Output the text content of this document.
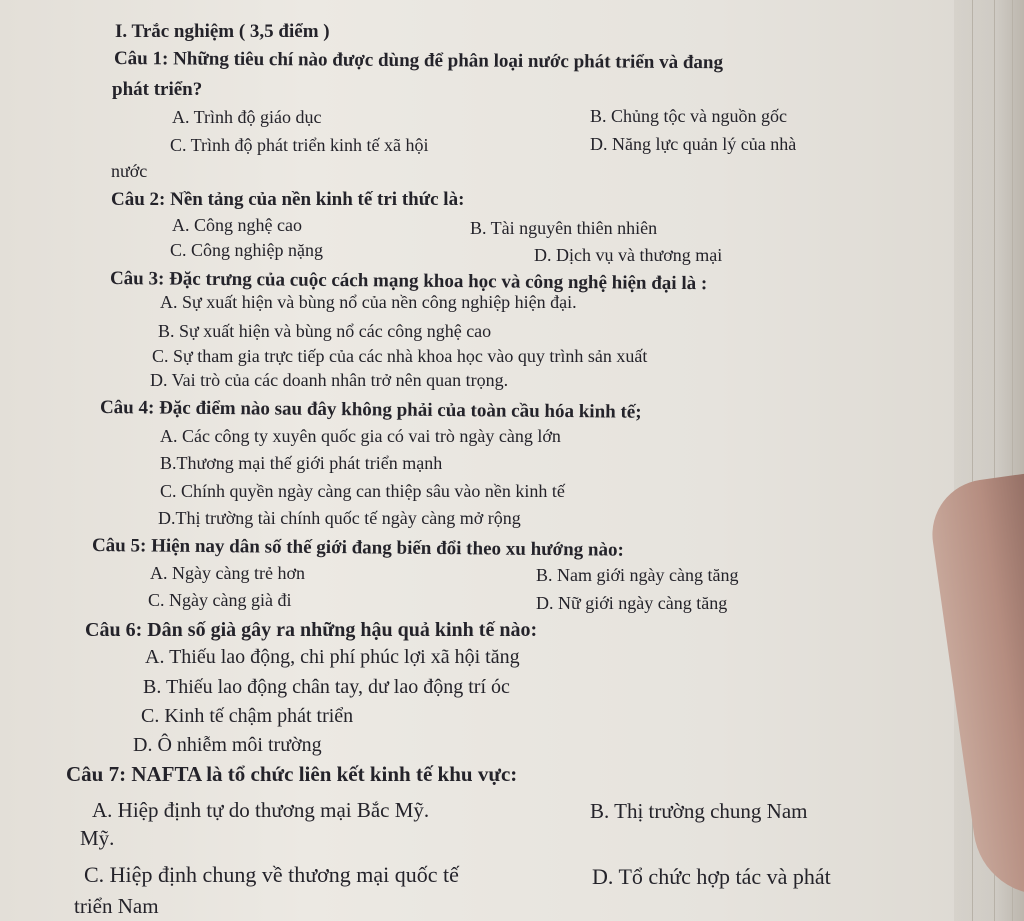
I. Trắc nghiệm ( 3,5 điểm )
Câu 1: Những tiêu chí nào được dùng để phân loại nước phát triển và đang
phát triển?
A. Trình độ giáo dục	B. Chủng tộc và nguồn gốc
C. Trình độ phát triển kinh tế xã hội	D. Năng lực quản lý của nhà
nước
Câu 2: Nền tảng của nền kinh tế tri thức là:
A. Công nghệ cao	B. Tài nguyên thiên nhiên
C. Công nghiệp nặng	D. Dịch vụ và thương mại
Câu 3: Đặc trưng của cuộc cách mạng khoa học và công nghệ hiện đại là :
A. Sự xuất hiện và bùng nổ của nền công nghiệp hiện đại.
B. Sự xuất hiện và bùng nổ các công nghệ cao
C. Sự tham gia trực tiếp của các nhà khoa học vào quy trình sản xuất
D. Vai trò của các doanh nhân trở nên quan trọng.
Câu 4: Đặc điểm nào sau đây không phải của toàn cầu hóa kinh tế;
A. Các công ty xuyên quốc gia có vai trò ngày càng lớn
B.Thương mại thế giới phát triển mạnh
C. Chính quyền ngày càng can thiệp sâu vào nền kinh tế
D.Thị trường tài chính quốc tế ngày càng mở rộng
Câu 5: Hiện nay dân số thế giới đang biến đổi theo xu hướng nào:
A. Ngày càng trẻ hơn	B. Nam giới ngày càng tăng
C. Ngày càng già đi	D. Nữ giới ngày càng tăng
Câu 6: Dân số già gây ra những hậu quả kinh tế nào:
A. Thiếu lao động, chi phí phúc lợi xã hội tăng
B. Thiếu lao động chân tay, dư lao động trí óc
C. Kinh tế chậm phát triển
D. Ô nhiễm môi trường
Câu 7: NAFTA là tổ chức liên kết kinh tế khu vực:
A. Hiệp định tự do thương mại Bắc Mỹ.	B. Thị trường chung Nam
Mỹ.
C. Hiệp định chung về thương mại quốc tế	D. Tổ chức hợp tác và phát
triển Nam
